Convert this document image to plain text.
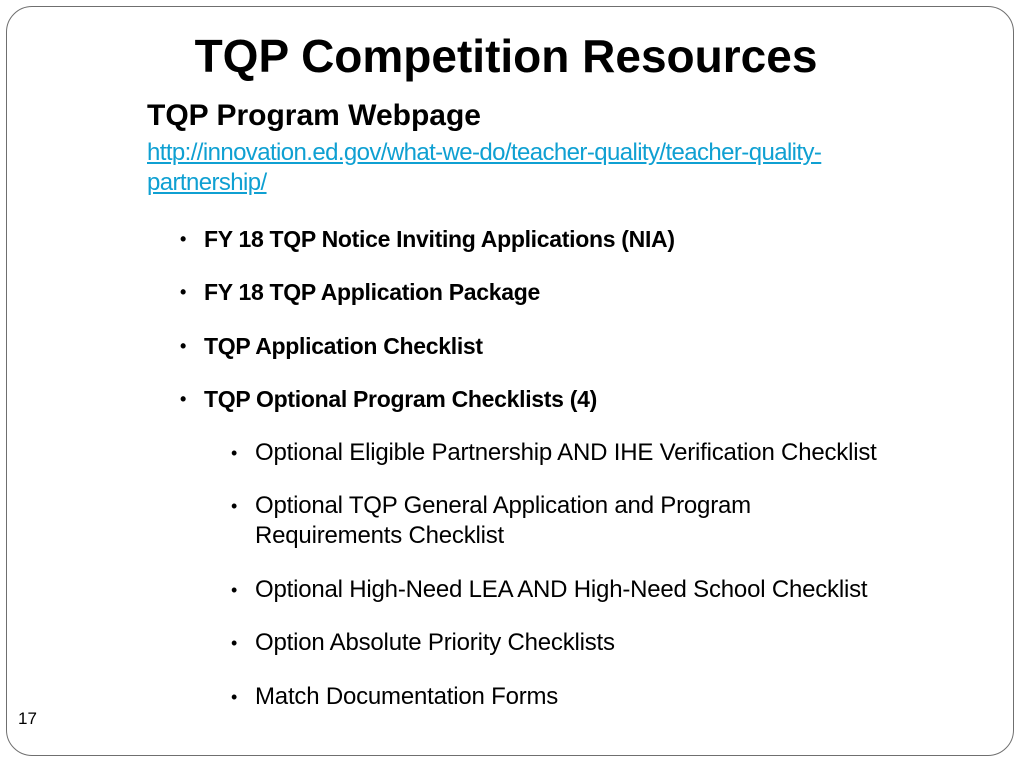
TQP Competition Resources
TQP Program Webpage
http://innovation.ed.gov/what-we-do/teacher-quality/teacher-quality-
partnership/
• FY 18 TQP Notice Inviting Applications (NIA)
• FY 18 TQP Application Package
• TQP Application Checklist
• TQP Optional Program Checklists (4)
• Optional Eligible Partnership AND IHE Verification Checklist
• Optional TQP General Application and Program
Requirements Checklist
• Optional High-Need LEA AND High-Need School Checklist
• Option Absolute Priority Checklists
• Match Documentation Forms
17
